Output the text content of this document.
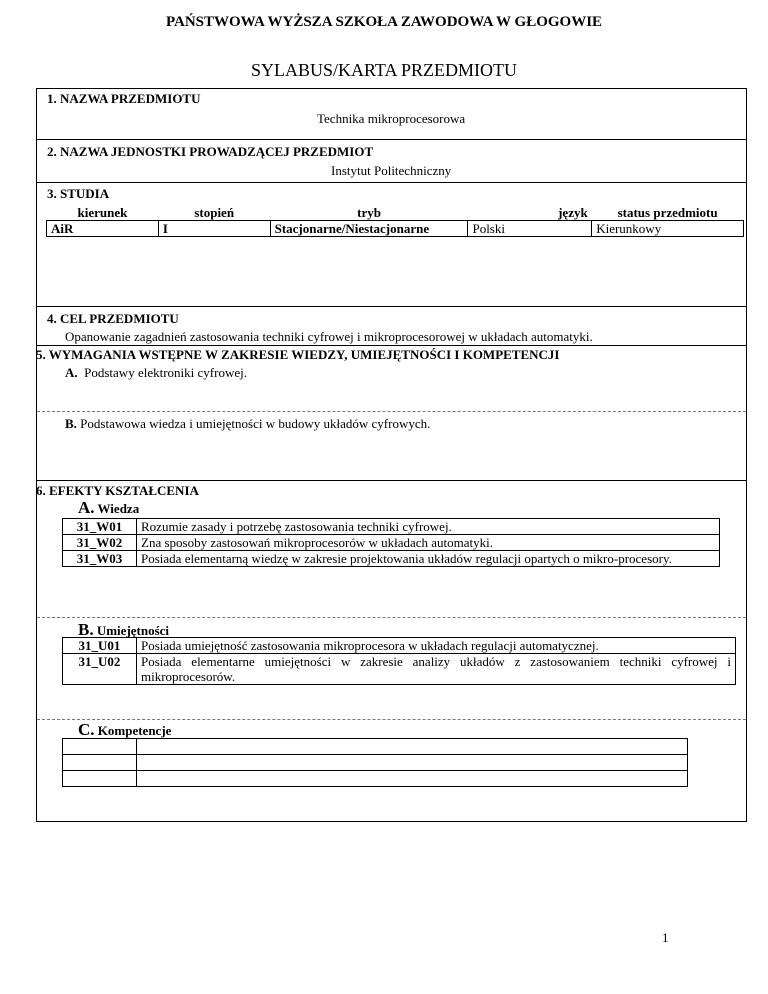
PAŃSTWOWA WYŻSZA SZKOŁA ZAWODOWA W GŁOGOWIE
SYLABUS/KARTA PRZEDMIOTU
1. NAZWA PRZEDMIOTU
Technika mikroprocesorowa
2. NAZWA JEDNOSTKI PROWADZĄCEJ PRZEDMIOT
Instytut Politechniczny
3. STUDIA
kierunek	stopień	tryb	język	status przedmiotu
AiR	I	Stacjonarne/Niestacjonarne	Polski	Kierunkowy
4. CEL PRZEDMIOTU
Opanowanie zagadnień zastosowania techniki cyfrowej i mikroprocesorowej w układach automatyki.
5. WYMAGANIA WSTĘPNE W ZAKRESIE WIEDZY, UMIEJĘTNOŚCI I KOMPETENCJI
A. Podstawy elektroniki cyfrowej.
B. Podstawowa wiedza i umiejętności w budowy układów cyfrowych.
6. EFEKTY KSZTAŁCENIA
A. Wiedza
31_W01	Rozumie zasady i potrzebę zastosowania techniki cyfrowej.
31_W02	Zna sposoby zastosowań mikroprocesorów w układach automatyki.
31_W03	Posiada elementarną wiedzę w zakresie projektowania układów regulacji opartych o mikro-procesory.
B. Umiejętności
31_U01	Posiada umiejętność zastosowania mikroprocesora w układach regulacji automatycznej.
31_U02	Posiada elementarne umiejętności w zakresie analizy układów z zastosowaniem techniki cyfrowej i mikroprocesorów.
C. Kompetencje

1
